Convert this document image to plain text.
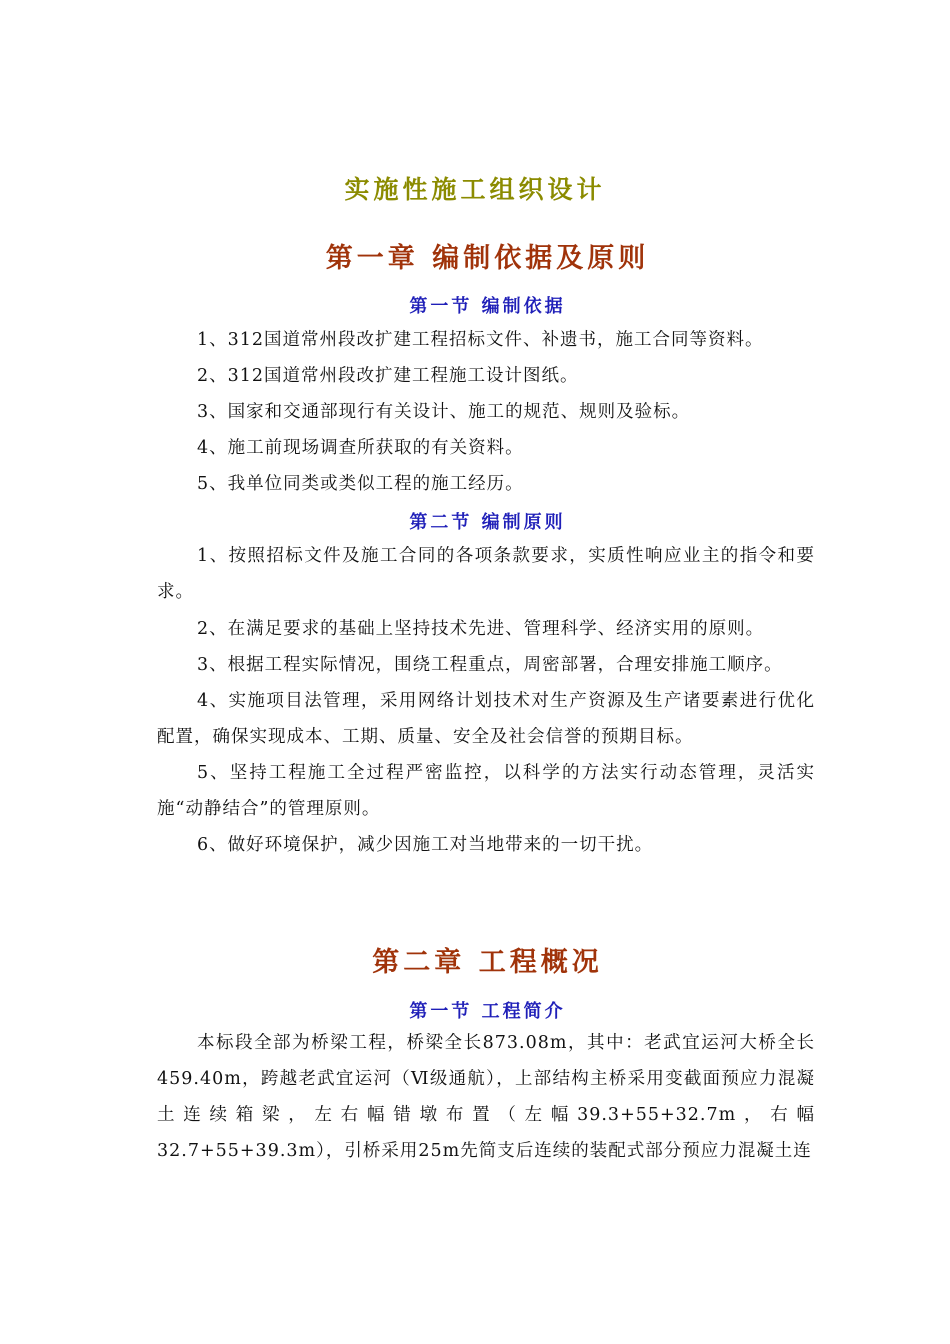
实施性施工组织设计
第一章 编制依据及原则
第一节 编制依据
1、312国道常州段改扩建工程招标文件、补遗书，施工合同等资料。
2、312国道常州段改扩建工程施工设计图纸。
3、国家和交通部现行有关设计、施工的规范、规则及验标。
4、施工前现场调查所获取的有关资料。
5、我单位同类或类似工程的施工经历。
第二节 编制原则
1、按照招标文件及施工合同的各项条款要求，实质性响应业主的指令和要求。
2、在满足要求的基础上坚持技术先进、管理科学、经济实用的原则。
3、根据工程实际情况，围绕工程重点，周密部署，合理安排施工顺序。
4、实施项目法管理，采用网络计划技术对生产资源及生产诸要素进行优化配置，确保实现成本、工期、质量、安全及社会信誉的预期目标。
5、坚持工程施工全过程严密监控，以科学的方法实行动态管理，灵活实施“动静结合”的管理原则。
6、做好环境保护，减少因施工对当地带来的一切干扰。
第二章 工程概况
第一节 工程简介
本标段全部为桥梁工程，桥梁全长873.08m，其中：老武宜运河大桥全长459.40m，跨越老武宜运河（Ⅵ级通航），上部结构主桥采用变截面预应力混凝土连续箱梁，左右幅错墩布置（左幅39.3+55+32.7m，右幅32.7+55+39.3m），引桥采用25m先简支后连续的装配式部分预应力混凝土连
